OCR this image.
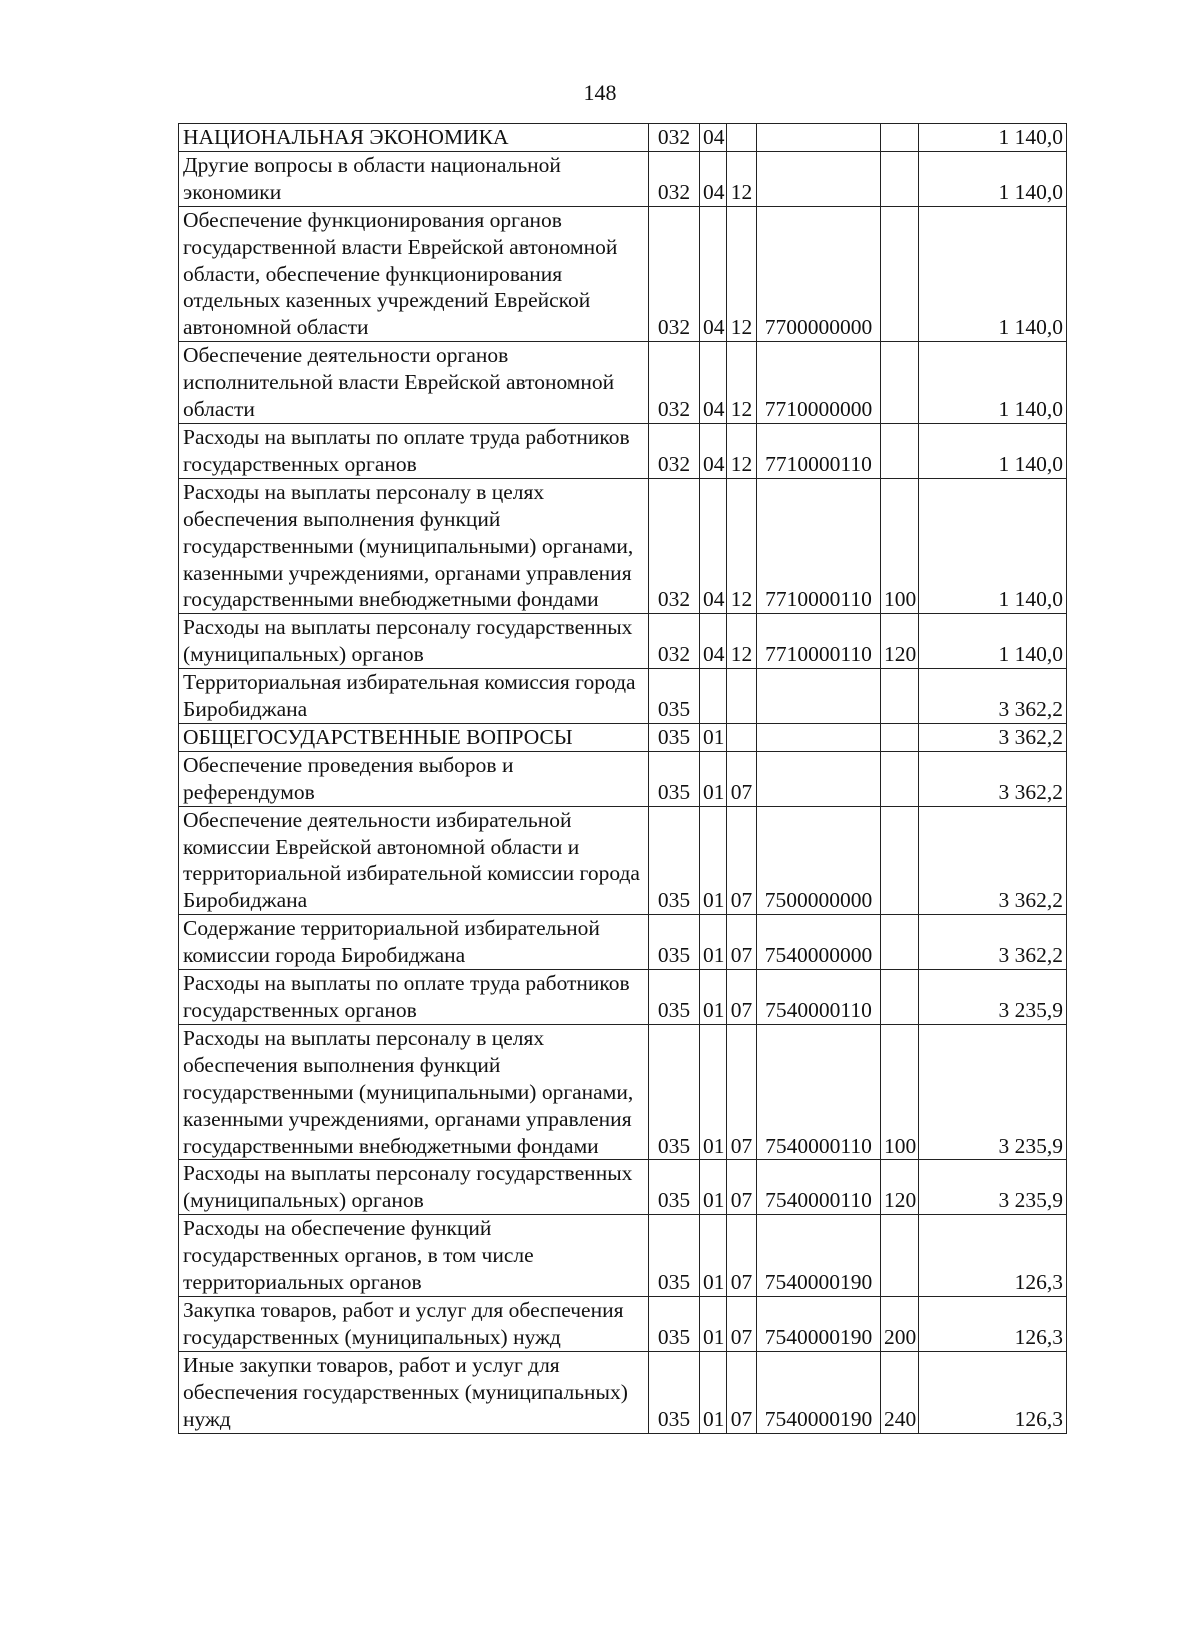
148
НАЦИОНАЛЬНАЯ ЭКОНОМИКА	032	04				1 140,0
Другие вопросы в области национальной экономики	032	04	12			1 140,0
Обеспечение функционирования органов государственной власти Еврейской автономной области, обеспечение функционирования отдельных казенных учреждений Еврейской автономной области	032	04	12	7700000000		1 140,0
Обеспечение деятельности органов исполнительной власти Еврейской автономной области	032	04	12	7710000000		1 140,0
Расходы на выплаты по оплате труда работников государственных органов	032	04	12	7710000110		1 140,0
Расходы на выплаты персоналу в целях обеспечения выполнения функций государственными (муниципальными) органами, казенными учреждениями, органами управления государственными внебюджетными фондами	032	04	12	7710000110	100	1 140,0
Расходы на выплаты персоналу государственных (муниципальных) органов	032	04	12	7710000110	120	1 140,0
Территориальная избирательная комиссия города Биробиджана	035					3 362,2
ОБЩЕГОСУДАРСТВЕННЫЕ ВОПРОСЫ	035	01				3 362,2
Обеспечение проведения выборов и референдумов	035	01	07			3 362,2
Обеспечение деятельности избирательной комиссии Еврейской автономной области и территориальной избирательной комиссии города Биробиджана	035	01	07	7500000000		3 362,2
Содержание территориальной избирательной комиссии города Биробиджана	035	01	07	7540000000		3 362,2
Расходы на выплаты по оплате труда работников государственных органов	035	01	07	7540000110		3 235,9
Расходы на выплаты персоналу в целях обеспечения выполнения функций государственными (муниципальными) органами, казенными учреждениями, органами управления государственными внебюджетными фондами	035	01	07	7540000110	100	3 235,9
Расходы на выплаты персоналу государственных (муниципальных) органов	035	01	07	7540000110	120	3 235,9
Расходы на обеспечение функций государственных органов, в том числе территориальных органов	035	01	07	7540000190		126,3
Закупка товаров, работ и услуг для обеспечения государственных (муниципальных) нужд	035	01	07	7540000190	200	126,3
Иные закупки товаров, работ и услуг для обеспечения государственных (муниципальных) нужд	035	01	07	7540000190	240	126,3
